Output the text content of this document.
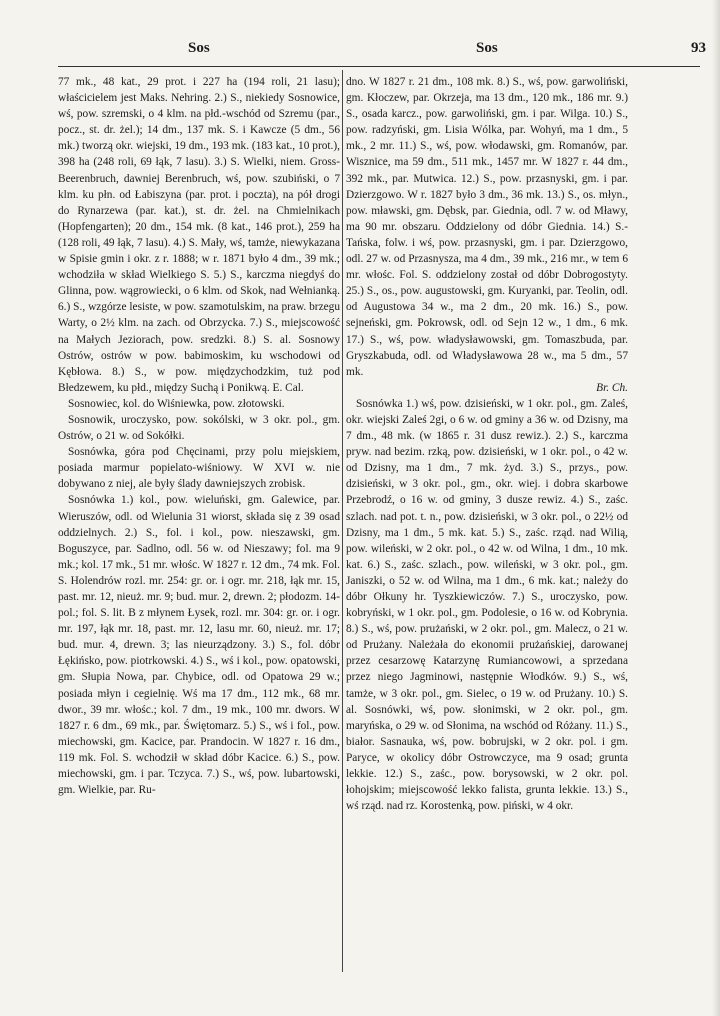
Sos	Sos	93

77 mk., 48 kat., 29 prot. i 227 ha (194 roli, 21 lasu); właścicielem jest Maks. Nehring. 2.) S., niekiedy Sosnowice, wś, pow. szremski, o 4 klm. na płd.-wschód od Szremu (par., pocz., st. dr. żel.); 14 dm., 137 mk. S. i Kawcze (5 dm., 56 mk.) tworzą okr. wiejski, 19 dm., 193 mk. (183 kat., 10 prot.), 398 ha (248 roli, 69 łąk, 7 lasu). 3.) S. Wielki, niem. Gross-Beerenbruch, dawniej Berenbruch, wś, pow. szubiński, o 7 klm. ku płn. od Łabiszyna (par. prot. i poczta), na pół drogi do Rynarzewa (par. kat.), st. dr. żel. na Chmielnikach (Hopfengarten); 20 dm., 154 mk. (8 kat., 146 prot.), 259 ha (128 roli, 49 łąk, 7 lasu). 4.) S. Mały, wś, tamże, niewykazana w Spisie gmin i okr. z r. 1888; w r. 1871 było 4 dm., 39 mk.; wchodziła w skład Wielkiego S. 5.) S., karczma niegdyś do Glinna, pow. wągrowiecki, o 6 klm. od Skok, nad Wełnianką. 6.) S., wzgórze lesiste, w pow. szamotulskim, na praw. brzegu Warty, o 2½ klm. na zach. od Obrzycka. 7.) S., miejscowość na Małych Jeziorach, pow. sredzki. 8.) S. al. Sosnowy Ostrów, ostrów w pow. babimoskim, ku wschodowi od Kębłowa. 8.) S., w pow. międzychodzkim, tuż pod Błedzewem, ku płd., między Suchą i Ponikwą. E. Cal.

Sosnowiec, kol. do Wiśniewka, pow. złotowski.

Sosnowik, uroczysko, pow. sokólski, w 3 okr. pol., gm. Ostrów, o 21 w. od Sokółki.

Sosnówka, góra pod Chęcinami, przy polu miejskiem, posiada marmur popielato-wiśniowy. W XVI w. nie dobywano z niej, ale były ślady dawniejszych zrobisk.

Sosnówka 1.) kol., pow. wieluński, gm. Galewice, par. Wieruszów, odl. od Wielunia 31 wiorst, składa się z 39 osad oddzielnych. 2.) S., fol. i kol., pow. nieszawski, gm. Boguszyce, par. Sadlno, odl. 56 w. od Nieszawy; fol. ma 9 mk.; kol. 17 mk., 51 mr. włośc. W 1827 r. 12 dm., 74 mk. Fol. S. Holendrów rozl. mr. 254: gr. or. i ogr. mr. 218, łąk mr. 15, past. mr. 12, nieuż. mr. 9; bud. mur. 2, drewn. 2; płodozm. 14-pol.; fol. S. lit. B z młynem Łysek, rozl. mr. 304: gr. or. i ogr. mr. 197, łąk mr. 18, past. mr. 12, lasu mr. 60, nieuż. mr. 17; bud. mur. 4, drewn. 3; las nieurządzony. 3.) S., fol. dóbr Łękińsko, pow. piotrkowski. 4.) S., wś i kol., pow. opatowski, gm. Słupia Nowa, par. Chybice, odl. od Opatowa 29 w.; posiada młyn i cegielnię. Wś ma 17 dm., 112 mk., 68 mr. dwor., 39 mr. włośc.; kol. 7 dm., 19 mk., 100 mr. dwors. W 1827 r. 6 dm., 69 mk., par. Świętomarz. 5.) S., wś i fol., pow. miechowski, gm. Kacice, par. Prandocin. W 1827 r. 16 dm., 119 mk. Fol. S. wchodził w skład dóbr Kacice. 6.) S., pow. miechowski, gm. i par. Tczyca. 7.) S., wś, pow. lubartowski, gm. Wielkie, par. Ru-

dno. W 1827 r. 21 dm., 108 mk. 8.) S., wś, pow. garwoliński, gm. Kłoczew, par. Okrzeja, ma 13 dm., 120 mk., 186 mr. 9.) S., osada karcz., pow. garwoliński, gm. i par. Wilga. 10.) S., pow. radzyński, gm. Lisia Wólka, par. Wohyń, ma 1 dm., 5 mk., 2 mr. 11.) S., wś, pow. włodawski, gm. Romanów, par. Wisznice, ma 59 dm., 511 mk., 1457 mr. W 1827 r. 44 dm., 392 mk., par. Mutwica. 12.) S., pow. przasnyski, gm. i par. Dzierzgowo. W r. 1827 było 3 dm., 36 mk. 13.) S., os. młyn., pow. mławski, gm. Dębsk, par. Giednia, odl. 7 w. od Mławy, ma 90 mr. obszaru. Oddzielony od dóbr Giednia. 14.) S.-Tańska, folw. i wś, pow. przasnyski, gm. i par. Dzierzgowo, odl. 27 w. od Przasnysza, ma 4 dm., 39 mk., 216 mr., w tem 6 mr. włośc. Fol. S. oddzielony został od dóbr Dobrogostyty. 25.) S., os., pow. augustowski, gm. Kuryanki, par. Teolin, odl. od Augustowa 34 w., ma 2 dm., 20 mk. 16.) S., pow. sejneński, gm. Pokrowsk, odl. od Sejn 12 w., 1 dm., 6 mk. 17.) S., wś, pow. władysławowski, gm. Tomaszbuda, par. Gryszkabuda, odl. od Władysławowa 28 w., ma 5 dm., 57 mk.

Br. Ch.

Sosnówka 1.) wś, pow. dzisieński, w 1 okr. pol., gm. Zaleś, okr. wiejski Zaleś 2gi, o 6 w. od gminy a 36 w. od Dzisny, ma 7 dm., 48 mk. (w 1865 r. 31 dusz rewiz.). 2.) S., karczma pryw. nad bezim. rzką, pow. dzisieński, w 1 okr. pol., o 42 w. od Dzisny, ma 1 dm., 7 mk. żyd. 3.) S., przys., pow. dzisieński, w 3 okr. pol., gm., okr. wiej. i dobra skarbowe Przebrodź, o 16 w. od gminy, 3 dusze rewiz. 4.) S., zaśc. szlach. nad pot. t. n., pow. dzisieński, w 3 okr. pol., o 22½ od Dzisny, ma 1 dm., 5 mk. kat. 5.) S., zaśc. rząd. nad Wilią, pow. wileński, w 2 okr. pol., o 42 w. od Wilna, 1 dm., 10 mk. kat. 6.) S., zaśc. szlach., pow. wileński, w 3 okr. pol., gm. Janiszki, o 52 w. od Wilna, ma 1 dm., 6 mk. kat.; należy do dóbr Ołkuny hr. Tyszkiewiczów. 7.) S., uroczysko, pow. kobryński, w 1 okr. pol., gm. Podolesie, o 16 w. od Kobrynia. 8.) S., wś, pow. prużański, w 2 okr. pol., gm. Malecz, o 21 w. od Prużany. Należała do ekonomii prużańskiej, darowanej przez cesarzowę Katarzynę Rumiancowowi, a sprzedana przez niego Jagminowi, następnie Włodków. 9.) S., wś, tamże, w 3 okr. pol., gm. Sielec, o 19 w. od Prużany. 10.) S. al. Sosnówki, wś, pow. słonimski, w 2 okr. pol., gm. maryńska, o 29 w. od Słonima, na wschód od Różany. 11.) S., białor. Sasnauka, wś, pow. bobrujski, w 2 okr. pol. i gm. Paryce, w okolicy dóbr Ostrowczyce, ma 9 osad; grunta lekkie. 12.) S., zaśc., pow. borysowski, w 2 okr. pol. łohojskim; miejscowość lekko falista, grunta lekkie. 13.) S., wś rząd. nad rz. Korostenką, pow. piński, w 4 okr.
